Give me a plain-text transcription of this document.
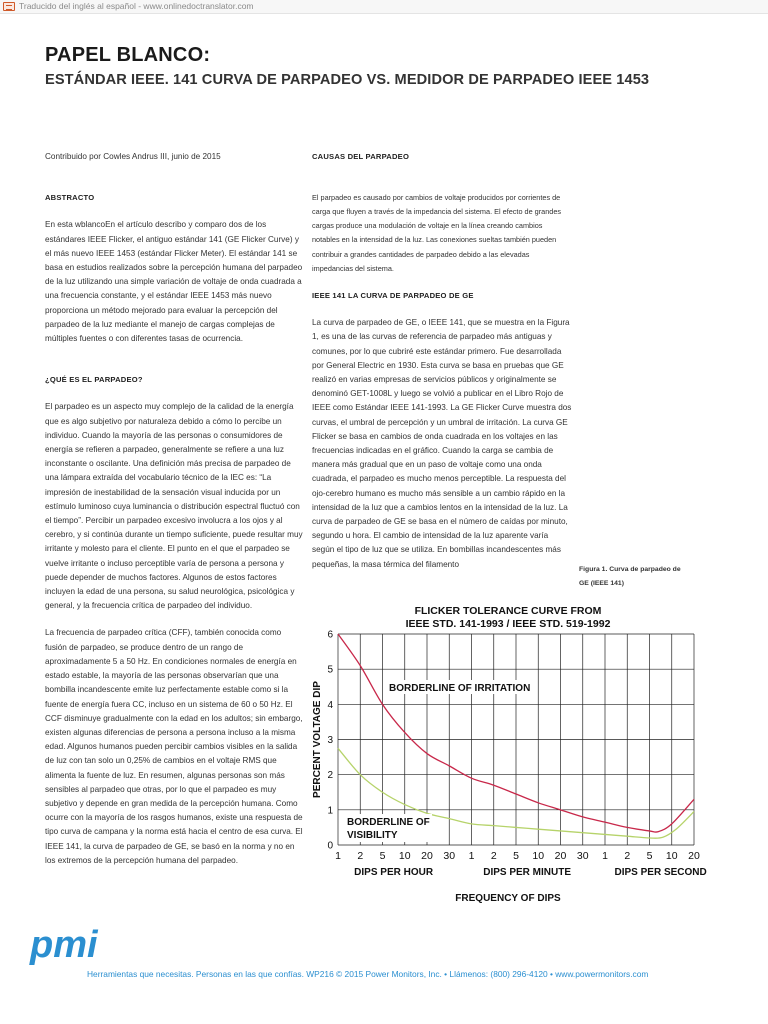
Traducido del inglés al español - www.onlinedoctranslator.com
PAPEL BLANCO:
ESTÁNDAR IEEE. 141 CURVA DE PARPADEO VS. MEDIDOR DE PARPADEO IEEE 1453

Contribuido por Cowles Andrus III, junio de 2015

ABSTRACTO

En esta wblancoEn el artículo describo y comparo dos de los estándares IEEE Flicker, el antiguo estándar 141 (GE Flicker Curve) y el más nuevo IEEE 1453 (estándar Flicker Meter). El estándar 141 se basa en estudios realizados sobre la percepción humana del parpadeo de la luz utilizando una simple variación de voltaje de onda cuadrada a una frecuencia constante, y el estándar IEEE 1453 más nuevo proporciona un método mejorado para evaluar la percepción del parpadeo de la luz mediante el manejo de cargas complejas de múltiples fuentes o con diferentes tasas de ocurrencia.

¿QUÉ ES EL PARPADEO?

El parpadeo es un aspecto muy complejo de la calidad de la energía que es algo subjetivo por naturaleza debido a cómo lo percibe un individuo. Cuando la mayoría de las personas o consumidores de energía se refieren a parpadeo, generalmente se refiere a una luz inconstante o oscilante. Una definición más precisa de parpadeo de una lámpara extraída del vocabulario técnico de la IEC es: “La impresión de inestabilidad de la sensación visual inducida por un estímulo luminoso cuya luminancia o distribución espectral fluctuó con el tiempo”. Percibir un parpadeo excesivo involucra a los ojos y al cerebro, y si continúa durante un tiempo suficiente, puede resultar muy irritante y molesto para el cliente. El punto en el que el parpadeo se vuelve irritante o incluso perceptible varía de persona a persona y puede depender de muchos factores. Algunos de estos factores incluyen la edad de una persona, su salud neurológica, psicológica y general, y la frecuencia crítica de parpadeo del individuo.

La frecuencia de parpadeo crítica (CFF), también conocida como fusión de parpadeo, se produce dentro de un rango de aproximadamente 5 a 50 Hz. En condiciones normales de energía en estado estable, la mayoría de las personas observarían que una bombilla incandescente emite luz perfectamente estable como si la fuente de energía fuera CC, incluso en un sistema de 60 o 50 Hz. El CCF disminuye gradualmente con la edad en los adultos; sin embargo, existen algunas diferencias de persona a persona incluso a la misma edad. Algunos humanos pueden percibir cambios visibles en la salida de luz con tan solo un 0,25% de cambios en el voltaje RMS que alimenta la fuente de luz. En resumen, algunas personas son más sensibles al parpadeo que otras, por lo que el parpadeo es muy subjetivo y depende en gran medida de la percepción humana. Como ocurre con la mayoría de los rasgos humanos, existe una respuesta de tipo curva de campana y la norma está hacia el centro de esa curva. El IEEE 141, la curva de parpadeo de GE, se basó en la norma y no en los extremos de la percepción humana del parpadeo.

CAUSAS DEL PARPADEO

El parpadeo es causado por cambios de voltaje producidos por corrientes de carga que fluyen a través de la impedancia del sistema. El efecto de grandes cargas produce una modulación de voltaje en la línea creando cambios notables en la intensidad de la luz. Las conexiones sueltas también pueden contribuir a grandes cantidades de parpadeo debido a las elevadas impedancias del sistema.

IEEE 141 LA CURVA DE PARPADEO DE GE

La curva de parpadeo de GE, o IEEE 141, que se muestra en la Figura 1, es una de las curvas de referencia de parpadeo más antiguas y comunes, por lo que cubriré este estándar primero. Fue desarrollada por General Electric en 1930. Esta curva se basa en pruebas que GE realizó en varias empresas de servicios públicos y originalmente se denominó GET-1008L y luego se volvió a publicar en el Libro Rojo de IEEE como Estándar IEEE 141-1993. La GE Flicker Curve muestra dos curvas, el umbral de percepción y un umbral de irritación. La curva GE Flicker se basa en cambios de onda cuadrada en los voltajes en las frecuencias indicadas en el gráfico. Cuando la carga se cambia de manera más gradual que en un paso de voltaje como una onda cuadrada, el parpadeo es mucho menos perceptible. La respuesta del ojo-cerebro humano es mucho más sensible a un cambio rápido en la intensidad de la luz que a cambios lentos en la intensidad de la luz. La curva de parpadeo de GE se basa en el número de caídas por minuto, segundo u hora. El cambio de intensidad de la luz aparente varía según el tipo de luz que se utiliza. En bombillas incandescentes más pequeñas, la masa térmica del filamento

Figura 1. Curva de parpadeo de GE (IEEE 141)
FLICKER TOLERANCE CURVE FROM
IEEE STD. 141-1993 / IEEE STD. 519-1992
0
1
2
3
4
5
6
1 2 5 10 20 30 1 2 5 10 20 30 1 2 5 10 20
DIPS PER HOUR	DIPS PER MINUTE	DIPS PER SECOND
FREQUENCY OF DIPS
PERCENT VOLTAGE DIP	BORDERLINE OF IRRITATION
BORDERLINE OF
VISIBILITY
pmi
Herramientas que necesitas. Personas en las que confías. WP216 © 2015 Power Monitors, Inc. • Llámenos: (800) 296-4120 • www.powermonitors.com
